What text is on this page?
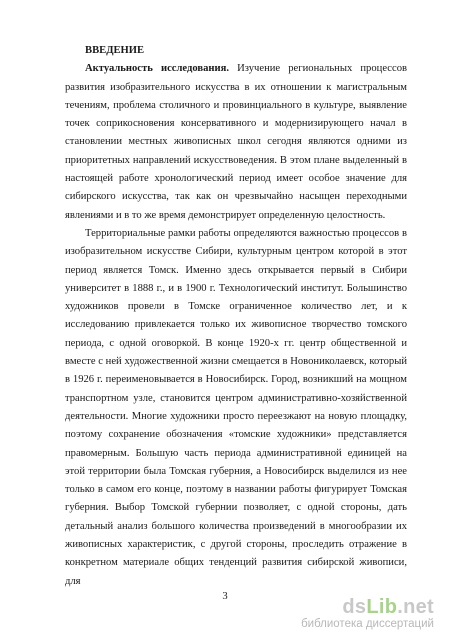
ВВЕДЕНИЕ

Актуальность исследования. Изучение региональных процессов развития изобразительного искусства в их отношении к магистральным течениям, проблема столичного и провинциального в культуре, выявление точек соприкосновения консервативного и модернизирующего начал в становлении местных живописных школ сегодня являются одними из приоритетных направлений искусствоведения. В этом плане выделенный в настоящей работе хронологический период имеет особое значение для сибирского искусства, так как он чрезвычайно насыщен переходными явлениями и в то же время демонстрирует определенную целостность.

Территориальные рамки работы определяются важностью процессов в изобразительном искусстве Сибири, культурным центром которой в этот период является Томск. Именно здесь открывается первый в Сибири университет в 1888 г., и в 1900 г. Технологический институт. Большинство художников провели в Томске ограниченное количество лет, и к исследованию привлекается только их живописное творчество томского периода, с одной оговоркой. В конце 1920-х гг. центр общественной и вместе с ней художественной жизни смещается в Новониколаевск, который в 1926 г. переименовывается в Новосибирск. Город, возникший на мощном транспортном узле, становится центром административно-хозяйственной деятельности. Многие художники просто переезжают на новую площадку, поэтому сохранение обозначения «томские художники» представляется правомерным. Большую часть периода административной единицей на этой территории была Томская губерния, а Новосибирск выделился из нее только в самом его конце, поэтому в названии работы фигурирует Томская губерния. Выбор Томской губернии позволяет, с одной стороны, дать детальный анализ большого количества произведений в многообразии их живописных характеристик, с другой стороны, проследить отражение в конкретном материале общих тенденций развития сибирской живописи, для

3	dsLib.net
библиотека диссертаций
